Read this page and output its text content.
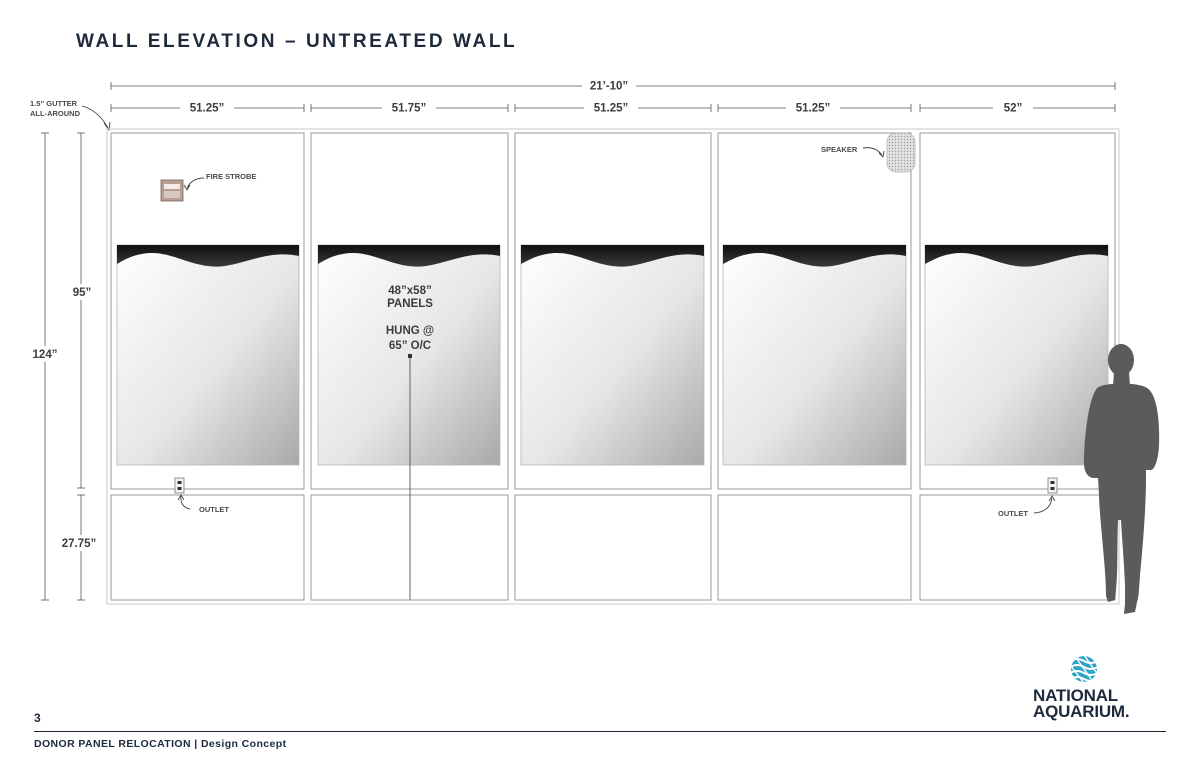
WALL ELEVATION – UNTREATED WALL
21’-10”
51.25”	51.75”	51.25”	51.25”	52”
1.5” GUTTER
ALL-AROUND
124”
95”
27.75”
FIRE STROBE
SPEAKER
OUTLET	OUTLET
48”x58”
PANELS
HUNG @
65” O/C
NATIONAL
AQUARIUM.
3
DONOR PANEL RELOCATION | Design Concept
